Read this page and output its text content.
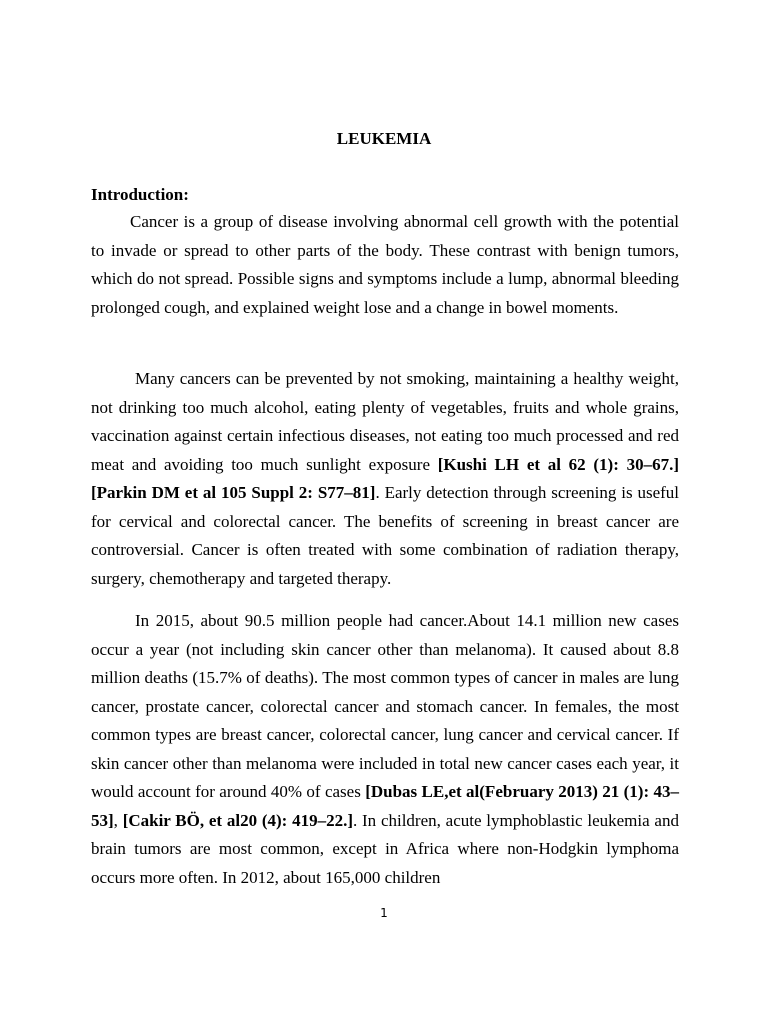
LEUKEMIA
Introduction:

Cancer is a group of disease involving abnormal cell growth with the potential to invade or spread to other parts of the body. These contrast with benign tumors, which do not spread. Possible signs and symptoms include a lump, abnormal bleeding prolonged cough, and explained weight lose and a change in bowel moments.

Many cancers can be prevented by not smoking, maintaining a healthy weight, not drinking too much alcohol, eating plenty of vegetables, fruits and whole grains, vaccination against certain infectious diseases, not eating too much processed and red meat and avoiding too much sunlight exposure [Kushi LH et al 62 (1): 30–67.] [Parkin DM et al 105 Suppl 2: S77–81]. Early detection through screening is useful for cervical and colorectal cancer. The benefits of screening in breast cancer are controversial. Cancer is often treated with some combination of radiation therapy, surgery, chemotherapy and targeted therapy.

In 2015, about 90.5 million people had cancer.About 14.1 million new cases occur a year (not including skin cancer other than melanoma). It caused about 8.8 million deaths (15.7% of deaths). The most common types of cancer in males are lung cancer, prostate cancer, colorectal cancer and stomach cancer. In females, the most common types are breast cancer, colorectal cancer, lung cancer and cervical cancer. If skin cancer other than melanoma were included in total new cancer cases each year, it would account for around 40% of cases [Dubas LE,et al(February 2013) 21 (1): 43–53], [Cakir BÖ, et al20 (4): 419–22.]. In children, acute lymphoblastic leukemia and brain tumors are most common, except in Africa where non-Hodgkin lymphoma occurs more often. In 2012, about 165,000 children

1
